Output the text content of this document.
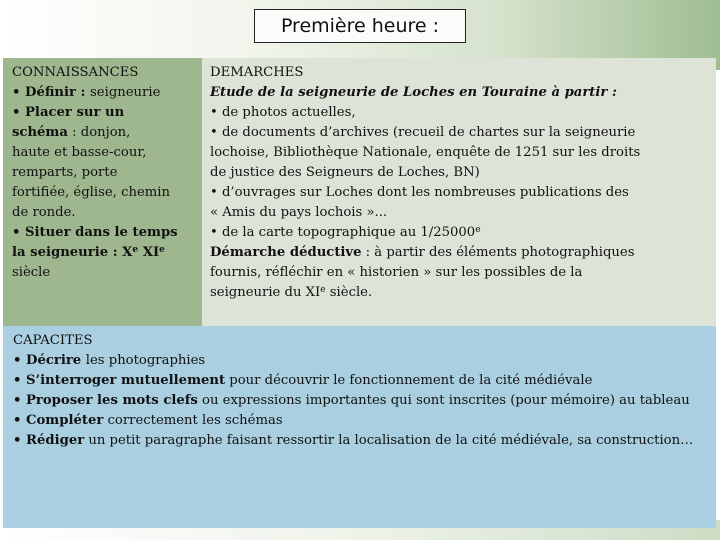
Première heure :
CONNAISSANCES
• Définir : seigneurie
• Placer sur un
schéma : donjon,
haute et basse-cour,
remparts, porte
fortifiée, église, chemin
de ronde.
• Situer dans le temps
la seigneurie : Xe XIe
siècle
DEMARCHES
Etude de la seigneurie de Loches en Touraine à partir :
• de photos actuelles,
• de documents d’archives (recueil de chartes sur la seigneurie
lochoise, Bibliothèque Nationale, enquête de 1251 sur les droits
de justice des Seigneurs de Loches, BN)
• d’ouvrages sur Loches dont les nombreuses publications des
« Amis du pays lochois »...
• de la carte topographique au 1/25000e
Démarche déductive : à partir des éléments photographiques
fournis, réfléchir en « historien » sur les possibles de la
seigneurie du XIe siècle.
CAPACITES
• Décrire les photographies
• S’interroger mutuellement pour découvrir le fonctionnement de la cité médiévale
• Proposer les mots clefs ou expressions importantes qui sont inscrites (pour mémoire) au tableau
• Compléter correctement les schémas
• Rédiger un petit paragraphe faisant ressortir la localisation de la cité médiévale, sa construction…
